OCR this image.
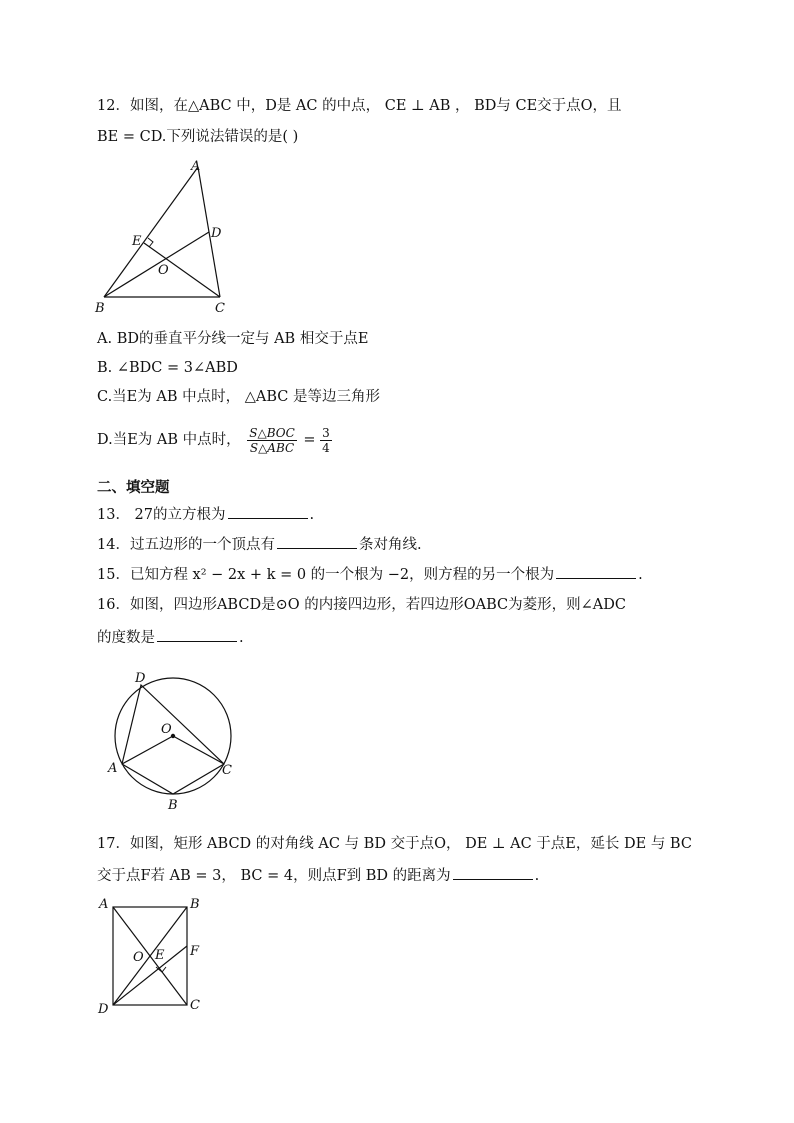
12．如图，在△ABC 中，D是 AC 的中点， CE ⊥ AB ， BD与 CE交于点O，且
BE = CD.下列说法错误的是( )
A
E
D
O
B	C
A. BD的垂直平分线一定与 AB 相交于点E
B. ∠BDC = 3∠ABD
C.当E为 AB 中点时， △ABC 是等边三角形
D.当E为 AB 中点时， $\frac{\text{S△BOC}}{\text{S△ABC}} = \frac{3}{4}$
二、填空题
13． 27的立方根为	.
14．过五边形的一个顶点有	条对角线.
15．已知方程 x² − 2x + k = 0 的一个根为 −2，则方程的另一个根为	.
16．如图，四边形ABCD是⊙O 的内接四边形，若四边形OABC为菱形，则∠ADC
的度数是	.
D
O
A	C
B
17．如图，矩形 ABCD 的对角线 AC 与 BD 交于点O， DE ⊥ AC 于点E，延长 DE 与 BC
交于点F若 AB = 3， BC = 4，则点F到 BD 的距离为	.
A	B
O E F
D	C
